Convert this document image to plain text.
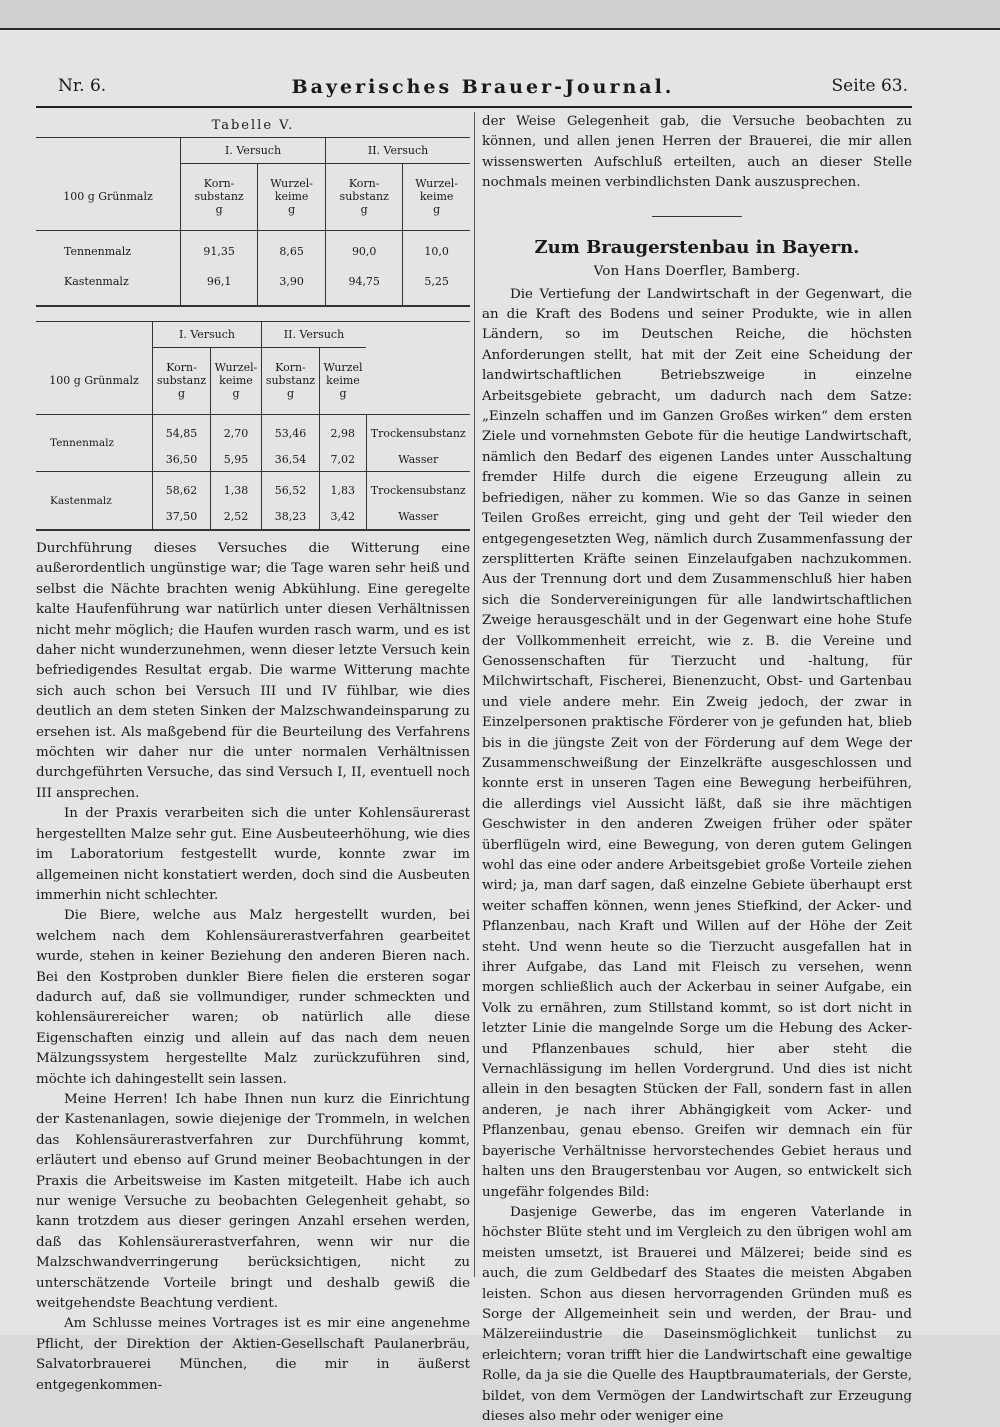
Nr. 6.	Bayerisches Brauer-Journal.	Seite 63.
Tabelle V.
	I. Versuch		II. Versuch	
100 g Grünmalz	Korn-
substanz
g	Wurzel-
keime
g	Korn-
substanz
g	Wurzel-
keime
g
Tennenmalz	91,35	8,65	90,0	10,0
Kastenmalz	96,1	3,90	94,75	5,25
	I. Versuch		II. Versuch		
100 g Grünmalz	Korn-
substanz
g	Wurzel-
keime
g	Korn-
substanz
g	Wurzel
keime
g	
Tennenmalz	54,85	2,70	53,46	2,98	Trockensubstanz
	36,50	5,95	36,54	7,02	Wasser
Kastenmalz	58,62	1,38	56,52	1,83	Trockensubstanz
	37,50	2,52	38,23	3,42	Wasser

Durchführung dieses Versuches die Witterung eine außerordentlich ungünstige war; die Tage waren sehr heiß und selbst die Nächte brachten wenig Abkühlung. Eine geregelte kalte Haufenführung war natürlich unter diesen Verhältnissen nicht mehr möglich; die Haufen wurden rasch warm, und es ist daher nicht wunderzunehmen, wenn dieser letzte Versuch kein befriedigendes Resultat ergab. Die warme Witterung machte sich auch schon bei Versuch III und IV fühlbar, wie dies deutlich an dem steten Sinken der Malzschwandeinsparung zu ersehen ist. Als maßgebend für die Beurteilung des Verfahrens möchten wir daher nur die unter normalen Verhältnissen durchgeführten Versuche, das sind Versuch I, II, eventuell noch III ansprechen.

In der Praxis verarbeiten sich die unter Kohlensäurerast hergestellten Malze sehr gut. Eine Ausbeuteerhöhung, wie dies im Laboratorium festgestellt wurde, konnte zwar im allgemeinen nicht konstatiert werden, doch sind die Ausbeuten immerhin nicht schlechter.

Die Biere, welche aus Malz hergestellt wurden, bei welchem nach dem Kohlensäurerastverfahren gearbeitet wurde, stehen in keiner Beziehung den anderen Bieren nach. Bei den Kostproben dunkler Biere fielen die ersteren sogar dadurch auf, daß sie vollmundiger, runder schmeckten und kohlensäurereicher waren; ob natürlich alle diese Eigenschaften einzig und allein auf das nach dem neuen Mälzungssystem hergestellte Malz zurückzuführen sind, möchte ich dahingestellt sein lassen.

Meine Herren! Ich habe Ihnen nun kurz die Einrichtung der Kastenanlagen, sowie diejenige der Trommeln, in welchen das Kohlensäurerastverfahren zur Durchführung kommt, erläutert und ebenso auf Grund meiner Beobachtungen in der Praxis die Arbeitsweise im Kasten mitgeteilt. Habe ich auch nur wenige Versuche zu beobachten Gelegenheit gehabt, so kann trotzdem aus dieser geringen Anzahl ersehen werden, daß das Kohlensäurerastverfahren, wenn wir nur die Malzschwandverringerung berücksichtigen, nicht zu unterschätzende Vorteile bringt und deshalb gewiß die weitgehendste Beachtung verdient.

Am Schlusse meines Vortrages ist es mir eine angenehme Pflicht, der Direktion der Aktien-Gesellschaft Paulanerbräu, Salvatorbrauerei München, die mir in äußerst entgegenkommen-

der Weise Gelegenheit gab, die Versuche beobachten zu können, und allen jenen Herren der Brauerei, die mir allen wissenswerten Aufschluß erteilten, auch an dieser Stelle nochmals meinen verbindlichsten Dank auszusprechen.

Zum Braugerstenbau in Bayern.
Von Hans Doerfler, Bamberg.

Die Vertiefung der Landwirtschaft in der Gegenwart, die an die Kraft des Bodens und seiner Produkte, wie in allen Ländern, so im Deutschen Reiche, die höchsten Anforderungen stellt, hat mit der Zeit eine Scheidung der landwirtschaftlichen Betriebszweige in einzelne Arbeitsgebiete gebracht, um dadurch nach dem Satze: „Einzeln schaffen und im Ganzen Großes wirken“ dem ersten Ziele und vornehmsten Gebote für die heutige Landwirtschaft, nämlich den Bedarf des eigenen Landes unter Ausschaltung fremder Hilfe durch die eigene Erzeugung allein zu befriedigen, näher zu kommen. Wie so das Ganze in seinen Teilen Großes erreicht, ging und geht der Teil wieder den entgegengesetzten Weg, nämlich durch Zusammenfassung der zersplitterten Kräfte seinen Einzelaufgaben nachzukommen. Aus der Trennung dort und dem Zusammenschluß hier haben sich die Sondervereinigungen für alle landwirtschaftlichen Zweige herausgeschält und in der Gegenwart eine hohe Stufe der Vollkommenheit erreicht, wie z. B. die Vereine und Genossenschaften für Tierzucht und -haltung, für Milchwirtschaft, Fischerei, Bienenzucht, Obst- und Gartenbau und viele andere mehr. Ein Zweig jedoch, der zwar in Einzelpersonen praktische Förderer von je gefunden hat, blieb bis in die jüngste Zeit von der Förderung auf dem Wege der Zusammenschweißung der Einzelkräfte ausgeschlossen und konnte erst in unseren Tagen eine Bewegung herbeiführen, die allerdings viel Aussicht läßt, daß sie ihre mächtigen Geschwister in den anderen Zweigen früher oder später überflügeln wird, eine Bewegung, von deren gutem Gelingen wohl das eine oder andere Arbeitsgebiet große Vorteile ziehen wird; ja, man darf sagen, daß einzelne Gebiete überhaupt erst weiter schaffen können, wenn jenes Stiefkind, der Acker- und Pflanzenbau, nach Kraft und Willen auf der Höhe der Zeit steht. Und wenn heute so die Tierzucht ausgefallen hat in ihrer Aufgabe, das Land mit Fleisch zu versehen, wenn morgen schließlich auch der Ackerbau in seiner Aufgabe, ein Volk zu ernähren, zum Stillstand kommt, so ist dort nicht in letzter Linie die mangelnde Sorge um die Hebung des Acker- und Pflanzenbaues schuld, hier aber steht die Vernachlässigung im hellen Vordergrund. Und dies ist nicht allein in den besagten Stücken der Fall, sondern fast in allen anderen, je nach ihrer Abhängigkeit vom Acker- und Pflanzenbau, genau ebenso. Greifen wir demnach ein für bayerische Verhältnisse hervorstechendes Gebiet heraus und halten uns den Braugerstenbau vor Augen, so entwickelt sich ungefähr folgendes Bild:

Dasjenige Gewerbe, das im engeren Vaterlande in höchster Blüte steht und im Vergleich zu den übrigen wohl am meisten umsetzt, ist Brauerei und Mälzerei; beide sind es auch, die zum Geldbedarf des Staates die meisten Abgaben leisten. Schon aus diesen hervorragenden Gründen muß es Sorge der Allgemeinheit sein und werden, der Brau- und Mälzereiindustrie die Daseinsmöglichkeit tunlichst zu erleichtern; voran trifft hier die Landwirtschaft eine gewaltige Rolle, da ja sie die Quelle des Hauptbraumaterials, der Gerste, bildet, von dem Vermögen der Landwirtschaft zur Erzeugung dieses also mehr oder weniger eine
